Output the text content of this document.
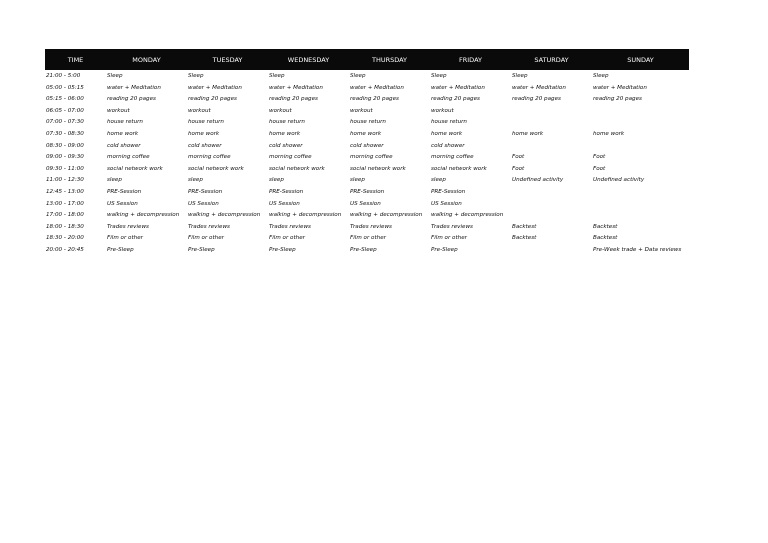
TIME	MONDAY	TUESDAY	WEDNESDAY	THURSDAY	FRIDAY	SATURDAY	SUNDAY
21:00 - 5:00	Sleep	Sleep	Sleep	Sleep	Sleep	Sleep	Sleep
05:00 - 05:15	water + Meditation	water + Meditation	water + Meditation	water + Meditation	water + Meditation	water + Meditation	water + Meditation
05:15 - 06:00	reading 20 pages	reading 20 pages	reading 20 pages	reading 20 pages	reading 20 pages	reading 20 pages	reading 20 pages
06:05 - 07:00	workout	workout	workout	workout	workout		
07:00 - 07:30	house return	house return	house return	house return	house return		
07:30 - 08:30	home work	home work	home work	home work	home work	home work	home work
08:30 - 09:00	cold shower	cold shower	cold shower	cold shower	cold shower		
09:00 - 09:30	morning coffee	morning coffee	morning coffee	morning coffee	morning coffee	Foot	Foot
09:30 - 11:00	social network work	social network work	social network work	social network work	social network work	Foot	Foot
11:00 - 12:30	sleep	sleep	sleep	sleep	sleep	Undefined activity	Undefined activity
12:45 - 13:00	PRE-Session	PRE-Session	PRE-Session	PRE-Session	PRE-Session		
13:00 - 17:00	US Session	US Session	US Session	US Session	US Session		
17:00 - 18:00	walking + decompression	walking + decompression	walking + decompression	walking + decompression	walking + decompression		
18:00 - 18:30	Trades reviews	Trades reviews	Trades reviews	Trades reviews	Trades reviews	Backtest	Backtest
18:30 - 20:00	Film or other	Film or other	Film or other	Film or other	Film or other	Backtest	Backtest
20:00 - 20:45	Pre-Sleep	Pre-Sleep	Pre-Sleep	Pre-Sleep	Pre-Sleep		Pre-Week trade + Data reviews
